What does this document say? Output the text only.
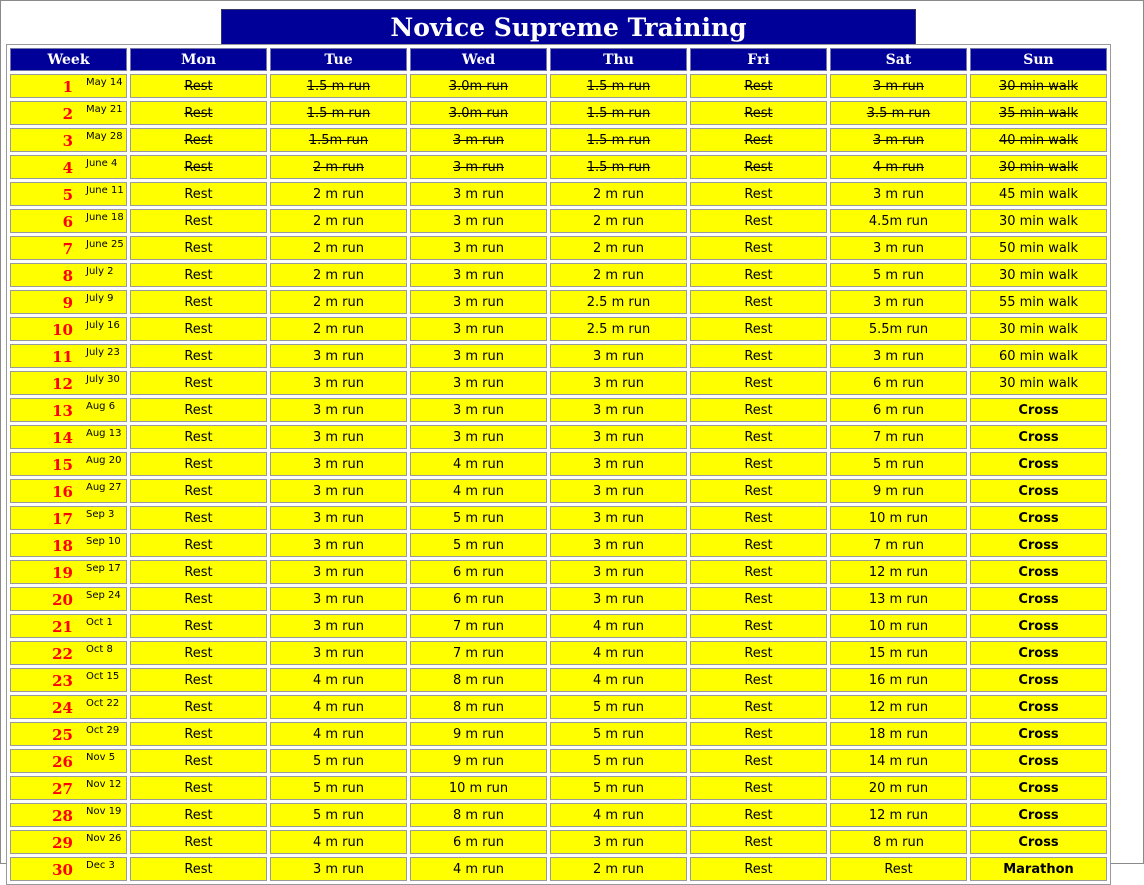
Novice Supreme Training
Week	Mon	Tue	Wed	Thu	Fri	Sat	Sun

1 May 14	Rest	1.5 m run	3.0m run	1.5 m run	Rest	3 m run	30 min walk

2 May 21	Rest	1.5 m run	3.0m run	1.5 m run	Rest	3.5 m run	35 min walk

3 May 28	Rest	1.5m run	3 m run	1.5 m run	Rest	3 m run	40 min walk

4 June 4	Rest	2 m run	3 m run	1.5 m run	Rest	4 m run	30 min walk

5 June 11	Rest	2 m run	3 m run	2 m run	Rest	3 m run	45 min walk

6 June 18	Rest	2 m run	3 m run	2 m run	Rest	4.5m run	30 min walk

7 June 25	Rest	2 m run	3 m run	2 m run	Rest	3 m run	50 min walk

8 July 2	Rest	2 m run	3 m run	2 m run	Rest	5 m run	30 min walk

9 July 9	Rest	2 m run	3 m run	2.5 m run	Rest	3 m run	55 min walk

10 July 16	Rest	2 m run	3 m run	2.5 m run	Rest	5.5m run	30 min walk

11 July 23	Rest	3 m run	3 m run	3 m run	Rest	3 m run	60 min walk

12 July 30	Rest	3 m run	3 m run	3 m run	Rest	6 m run	30 min walk

13 Aug 6	Rest	3 m run	3 m run	3 m run	Rest	6 m run	Cross

14 Aug 13	Rest	3 m run	3 m run	3 m run	Rest	7 m run	Cross

15 Aug 20	Rest	3 m run	4 m run	3 m run	Rest	5 m run	Cross

16 Aug 27	Rest	3 m run	4 m run	3 m run	Rest	9 m run	Cross

17 Sep 3	Rest	3 m run	5 m run	3 m run	Rest	10 m run	Cross

18 Sep 10	Rest	3 m run	5 m run	3 m run	Rest	7 m run	Cross

19 Sep 17	Rest	3 m run	6 m run	3 m run	Rest	12 m run	Cross

20 Sep 24	Rest	3 m run	6 m run	3 m run	Rest	13 m run	Cross

21 Oct 1	Rest	3 m run	7 m run	4 m run	Rest	10 m run	Cross

22 Oct 8	Rest	3 m run	7 m run	4 m run	Rest	15 m run	Cross

23 Oct 15	Rest	4 m run	8 m run	4 m run	Rest	16 m run	Cross

24 Oct 22	Rest	4 m run	8 m run	5 m run	Rest	12 m run	Cross

25 Oct 29	Rest	4 m run	9 m run	5 m run	Rest	18 m run	Cross

26 Nov 5	Rest	5 m run	9 m run	5 m run	Rest	14 m run	Cross

27 Nov 12	Rest	5 m run	10 m run	5 m run	Rest	20 m run	Cross

28 Nov 19	Rest	5 m run	8 m run	4 m run	Rest	12 m run	Cross

29 Nov 26	Rest	4 m run	6 m run	3 m run	Rest	8 m run	Cross

30 Dec 3	Rest	3 m run	4 m run	2 m run	Rest	Rest	Marathon
